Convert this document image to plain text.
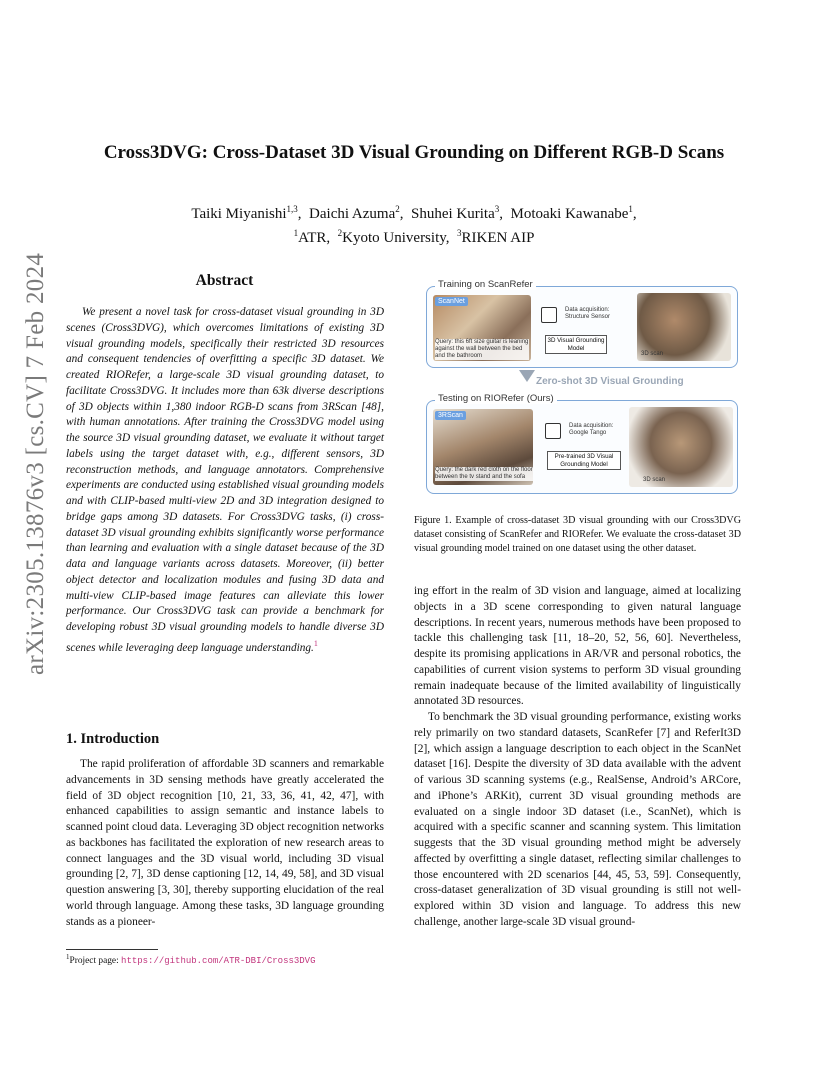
arXiv:2305.13876v3 [cs.CV] 7 Feb 2024
Cross3DVG: Cross-Dataset 3D Visual Grounding on Different RGB-D Scans
Taiki Miyanishi$^{1,3}$, Daichi Azuma$^2$, Shuhei Kurita$^3$, Motoaki Kawanabe$^1$,
$^1$ATR, $^2$Kyoto University, $^3$RIKEN AIP
Abstract

We present a novel task for cross-dataset visual grounding in 3D scenes (Cross3DVG), which overcomes limitations of existing 3D visual grounding models, specifically their restricted 3D resources and consequent tendencies of overfitting a specific 3D dataset. We created RIORefer, a large-scale 3D visual grounding dataset, to facilitate Cross3DVG. It includes more than 63k diverse descriptions of 3D objects within 1,380 indoor RGB-D scans from 3RScan [48], with human annotations. After training the Cross3DVG model using the source 3D visual grounding dataset, we evaluate it without target labels using the target dataset with, e.g., different sensors, 3D reconstruction methods, and language annotators. Comprehensive experiments are conducted using established visual grounding models and with CLIP-based multi-view 2D and 3D integration designed to bridge gaps among 3D datasets. For Cross3DVG tasks, (i) cross-dataset 3D visual grounding exhibits significantly worse performance than learning and evaluation with a single dataset because of the 3D data and language variants across datasets. Moreover, (ii) better object detector and localization modules and fusing 3D data and multi-view CLIP-based image features can alleviate this lower performance. Our Cross3DVG task can provide a benchmark for developing robust 3D visual grounding models to handle diverse 3D scenes while leveraging deep language understanding.$^1$

1. Introduction

The rapid proliferation of affordable 3D scanners and remarkable advancements in 3D sensing methods have greatly accelerated the field of 3D object recognition [10, 21, 33, 36, 41, 42, 47], with enhanced capabilities to assign semantic and instance labels to scanned point cloud data. Leveraging 3D object recognition networks as backbones has facilitated the exploration of new research areas to connect languages and the 3D visual world, including 3D visual grounding [2, 7], 3D dense captioning [12, 14, 49, 58], and 3D visual question answering [3, 30], thereby supporting elucidation of the real world through language. Among these tasks, 3D language grounding stands as a pioneer-

ing effort in the realm of 3D vision and language, aimed at localizing objects in a 3D scene corresponding to given natural language descriptions. In recent years, numerous methods have been proposed to tackle this challenging task [11, 18–20, 52, 56, 60]. Nevertheless, despite its promising applications in AR/VR and personal robotics, the capabilities of current vision systems to perform 3D visual grounding remain inadequate because of the limited availability of linguistically annotated 3D resources.

To benchmark the 3D visual grounding performance, existing works rely primarily on two standard datasets, ScanRefer [7] and ReferIt3D [2], which assign a language description to each object in the ScanNet dataset [16]. Despite the diversity of 3D data available with the advent of various 3D scanning systems (e.g., RealSense, Android’s ARCore, and iPhone’s ARKit), current 3D visual grounding methods are evaluated on a single indoor 3D dataset (i.e., ScanNet), which is acquired with a specific scanner and scanning system. This limitation suggests that the 3D visual grounding method might be adversely affected by overfitting a single dataset, reflecting similar challenges to those encountered with 2D scenarios [44, 45, 53, 59]. Consequently, cross-dataset generalization of 3D visual grounding is still not well-explored within 3D vision and language. To address this new challenge, another large-scale 3D visual ground-

$^1$Project page: https://github.com/ATR-DBI/Cross3DVG
Training on ScanRefer
ScanNet
Query: this 6ft size guitar is leaning against the wall between the bed and the bathroom
Data acquisition: Structure Sensor
3D Visual Grounding Model
3D scan
Zero-shot 3D Visual Grounding
Testing on RIORefer (Ours)
3RScan
Query: the dark red cloth on the floor between the tv stand and the sofa
Data acquisition: Google Tango
Pre-trained 3D Visual Grounding Model
3D scan
Figure 1. Example of cross-dataset 3D visual grounding with our Cross3DVG dataset consisting of ScanRefer and RIORefer. We evaluate the cross-dataset 3D visual grounding model trained on one dataset using the other dataset.
